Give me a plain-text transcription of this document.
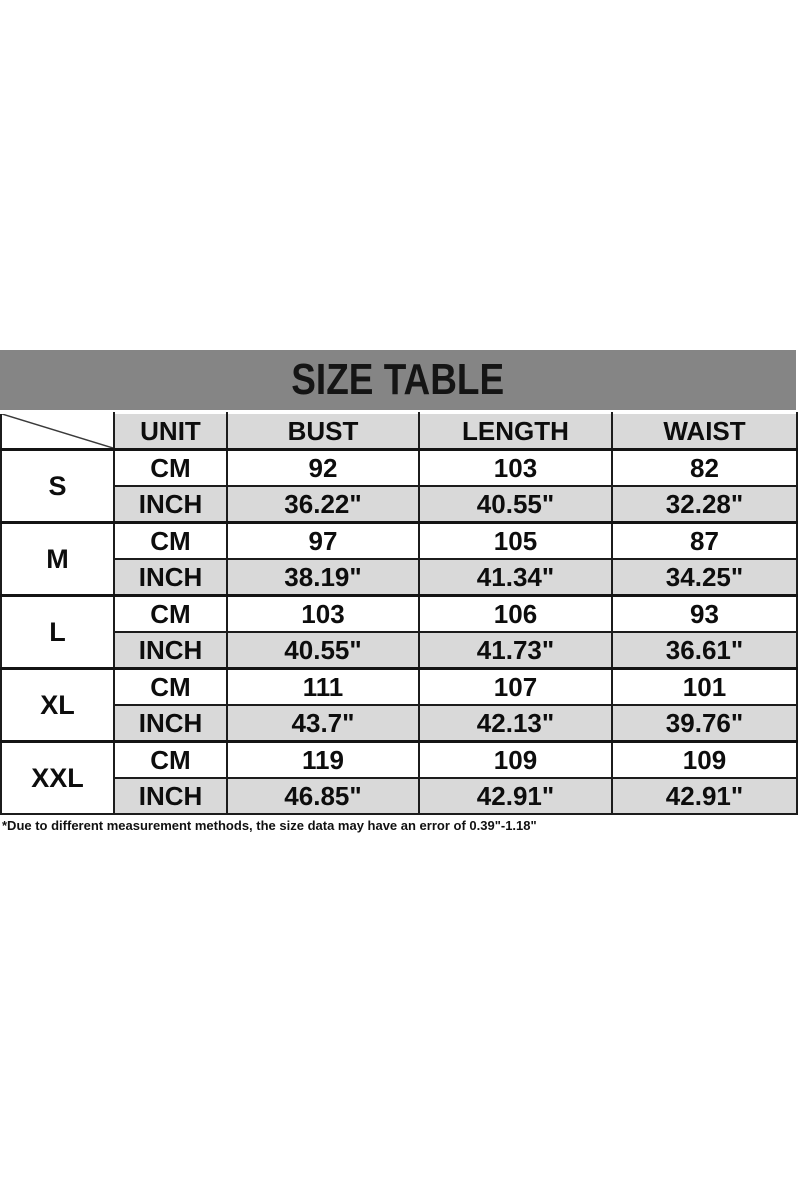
SIZE TABLE
	UNIT	BUST	LENGTH	WAIST
S	CM	92	103	82
	INCH	36.22"	40.55"	32.28"
M	CM	97	105	87
	INCH	38.19"	41.34"	34.25"
L	CM	103	106	93
	INCH	40.55"	41.73"	36.61"
XL	CM	111	107	101
	INCH	43.7"	42.13"	39.76"
XXL	CM	119	109	109
	INCH	46.85"	42.91"	42.91"
*Due to different measurement methods, the size data may have an error of 0.39"-1.18"
